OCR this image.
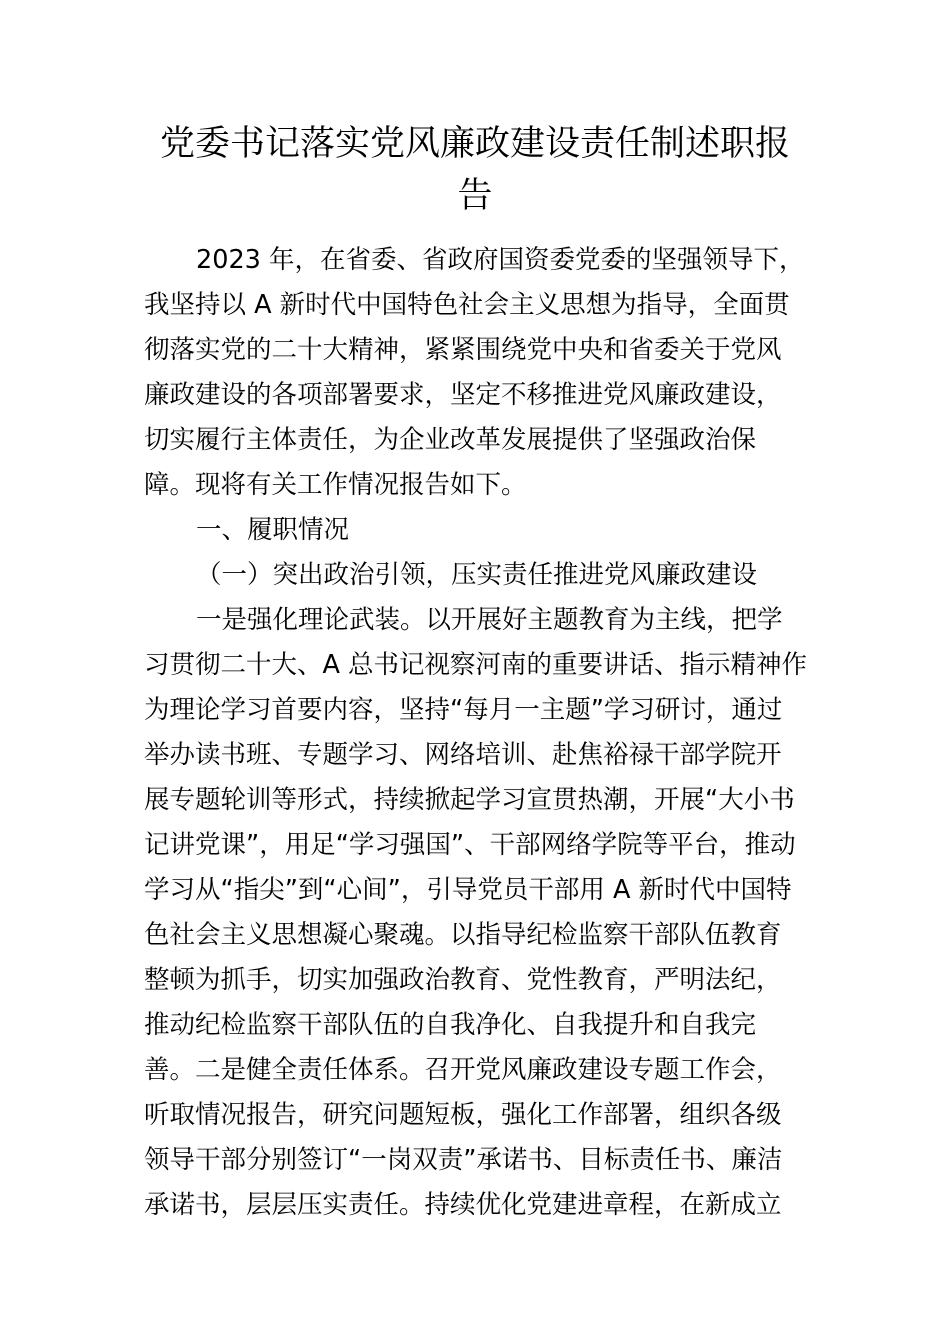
党委书记落实党风廉政建设责任制述职报
告
2023 年，在省委、省政府国资委党委的坚强领导下，
我坚持以 A 新时代中国特色社会主义思想为指导，全面贯
彻落实党的二十大精神，紧紧围绕党中央和省委关于党风
廉政建设的各项部署要求，坚定不移推进党风廉政建设，
切实履行主体责任，为企业改革发展提供了坚强政治保
障。现将有关工作情况报告如下。
一、履职情况
（一）突出政治引领，压实责任推进党风廉政建设
一是强化理论武装。以开展好主题教育为主线，把学
习贯彻二十大、A 总书记视察河南的重要讲话、指示精神作
为理论学习首要内容，坚持“每月一主题”学习研讨，通过
举办读书班、专题学习、网络培训、赴焦裕禄干部学院开
展专题轮训等形式，持续掀起学习宣贯热潮，开展“大小书
记讲党课”，用足“学习强国”、干部网络学院等平台，推动
学习从“指尖”到“心间”，引导党员干部用 A 新时代中国特
色社会主义思想凝心聚魂。以指导纪检监察干部队伍教育
整顿为抓手，切实加强政治教育、党性教育，严明法纪，
推动纪检监察干部队伍的自我净化、自我提升和自我完
善。二是健全责任体系。召开党风廉政建设专题工作会，
听取情况报告，研究问题短板，强化工作部署，组织各级
领导干部分别签订“一岗双责”承诺书、目标责任书、廉洁
承诺书，层层压实责任。持续优化党建进章程，在新成立
